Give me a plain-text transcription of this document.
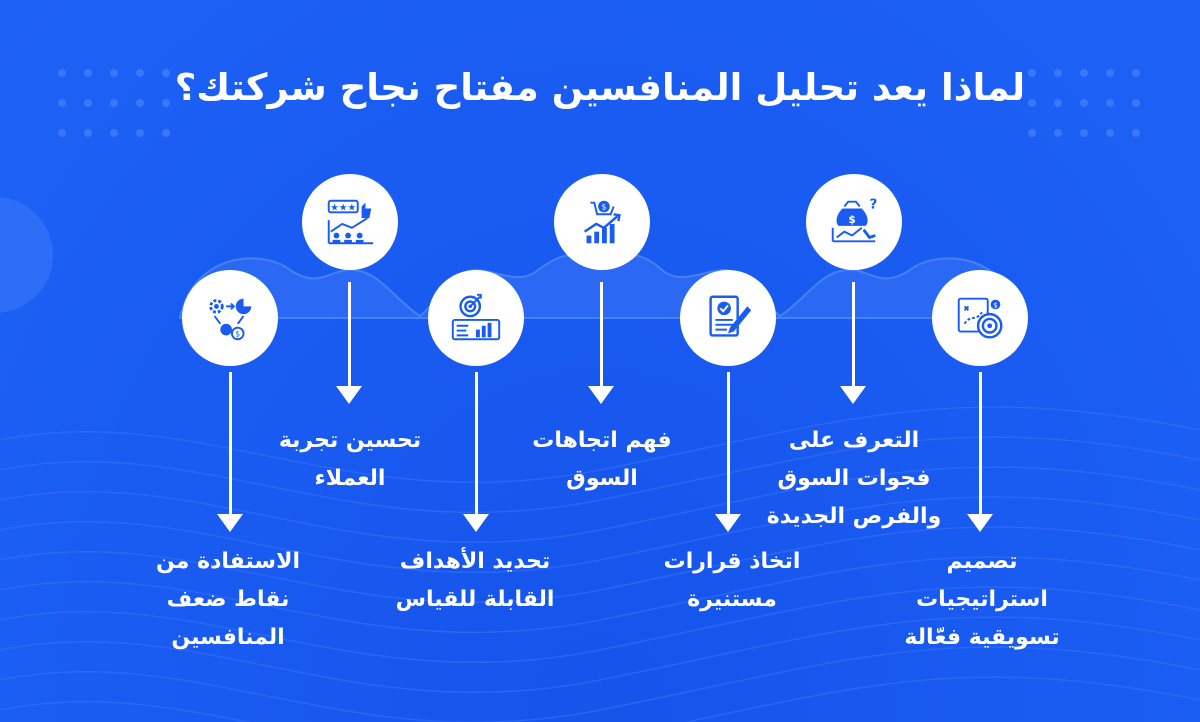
لماذا يعد تحليل المنافسين مفتاح نجاح شركتك؟
$
تصميم
استراتيجيات
تسويقية فعّالة
$
?
التعرف على
فجوات السوق
والفرص الجديدة
اتخاذ قرارات
مستنيرة
$
فهم اتجاهات
السوق
تحديد الأهداف
القابلة للقياس
★★★
تحسين تجربة
العملاء
$
الاستفادة من
نقاط ضعف
المنافسين
